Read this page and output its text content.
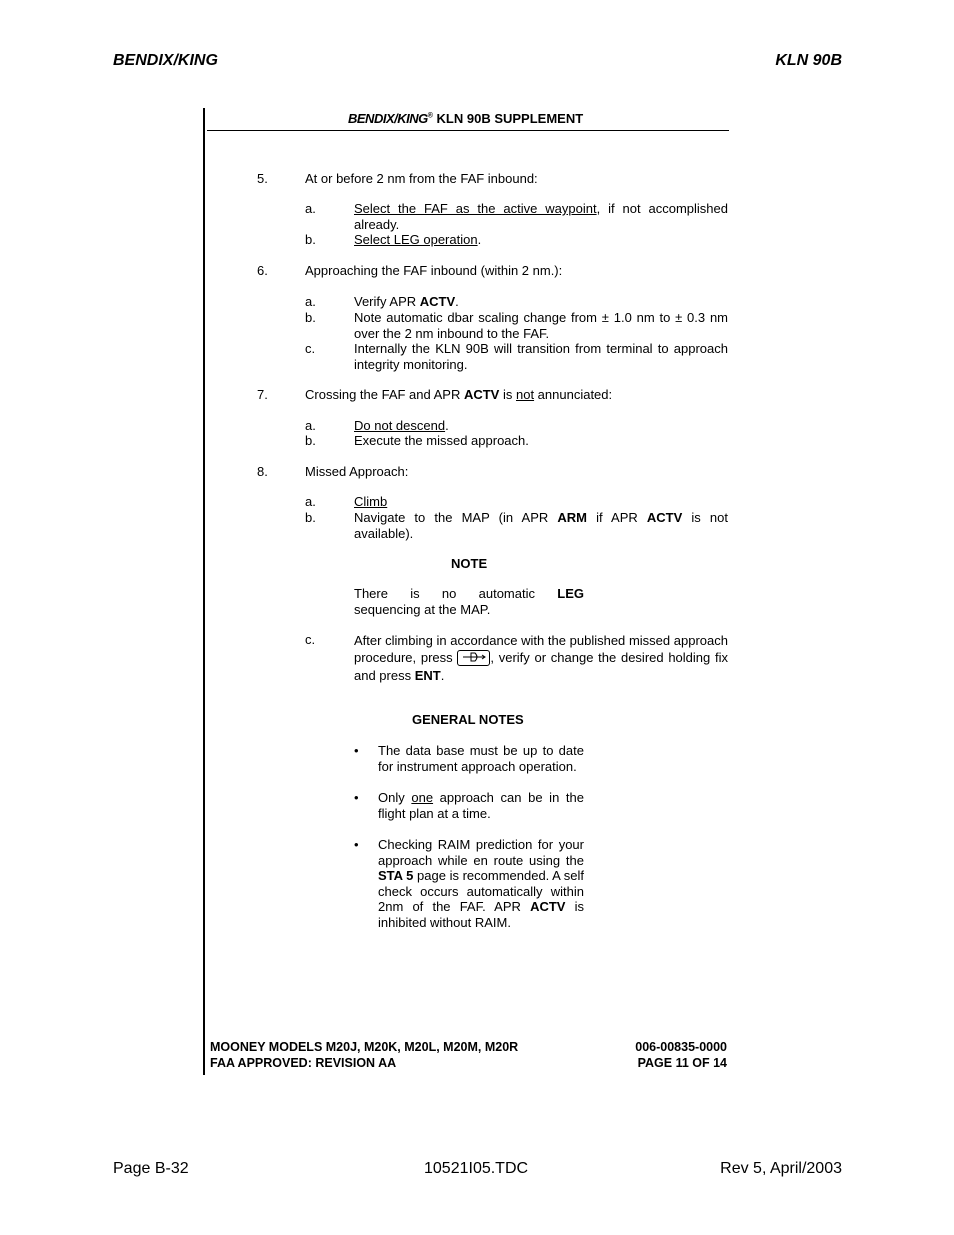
BENDIX/KING	KLN 90B
BENDIX/KING® KLN 90B SUPPLEMENT
5.	At or before 2 nm from the FAF inbound:
a.	Select the FAF as the active waypoint, if not accomplished already.
b.	Select LEG operation.
6.	Approaching the FAF inbound (within 2 nm.):
a.	Verify APR ACTV.
b.	Note automatic dbar scaling change from ± 1.0 nm to ± 0.3 nm over the 2 nm inbound to the FAF.
c.	Internally the KLN 90B will transition from terminal to approach integrity monitoring.
7.	Crossing the FAF and APR ACTV is not annunciated:
a.	Do not descend.
b.	Execute the missed approach.
8.	Missed Approach:
a.	Climb
b.	Navigate to the MAP (in APR ARM if APR ACTV is not available).
NOTE
There is no automatic LEG sequencing at the MAP.
c.	After climbing in accordance with the published missed approach procedure, press	, verify or change the desired holding fix and press ENT.
GENERAL NOTES
• The data base must be up to date for instrument approach operation.
• Only one approach can be in the flight plan at a time.
• Checking RAIM prediction for your approach while en route using the STA 5 page is recommended. A self check occurs automatically within 2nm of the FAF. APR ACTV is inhibited without RAIM.
MOONEY MODELS M20J, M20K, M20L, M20M, M20R
FAA APPROVED: REVISION AA
006-00835-0000
PAGE 11 OF 14
Page B-32	10521I05.TDC	Rev 5, April/2003
